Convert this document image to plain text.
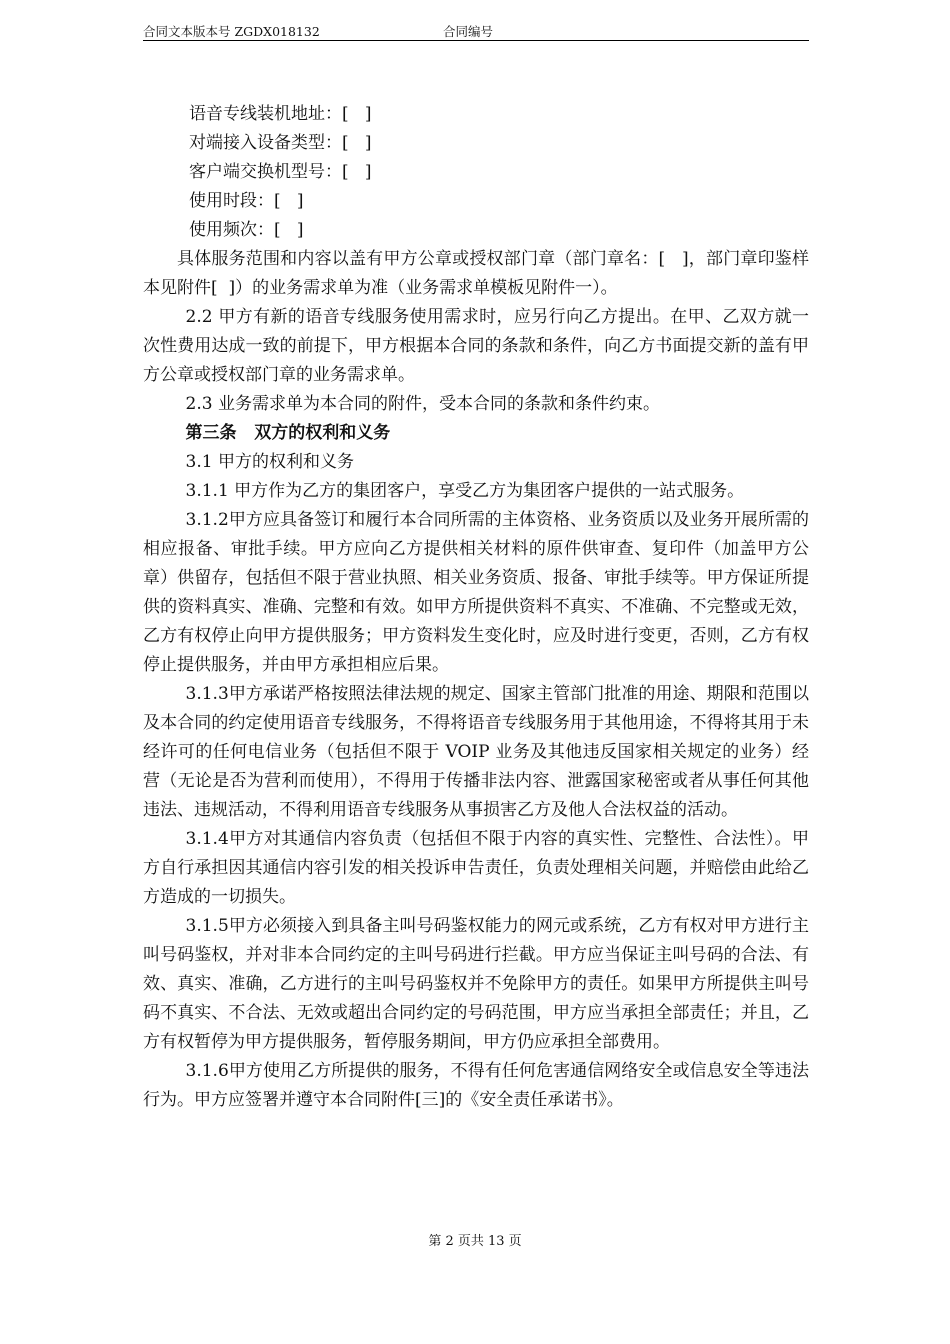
合同文本版本号 ZGDX018132	合同编号

语音专线装机地址：[   ]

对端接入设备类型：[   ]

客户端交换机型号：[   ]

使用时段：[   ]

使用频次：[   ]

具体服务范围和内容以盖有甲方公章或授权部门章（部门章名：[   ]，部门章印鉴样本见附件[  ]）的业务需求单为准（业务需求单模板见附件一）。

2.2 甲方有新的语音专线服务使用需求时，应另行向乙方提出。在甲、乙双方就一次性费用达成一致的前提下，甲方根据本合同的条款和条件，向乙方书面提交新的盖有甲方公章或授权部门章的业务需求单。

2.3 业务需求单为本合同的附件，受本合同的条款和条件约束。

第三条   双方的权利和义务

3.1 甲方的权利和义务

3.1.1 甲方作为乙方的集团客户，享受乙方为集团客户提供的一站式服务。

3.1.2甲方应具备签订和履行本合同所需的主体资格、业务资质以及业务开展所需的相应报备、审批手续。甲方应向乙方提供相关材料的原件供审查、复印件（加盖甲方公章）供留存，包括但不限于营业执照、相关业务资质、报备、审批手续等。甲方保证所提供的资料真实、准确、完整和有效。如甲方所提供资料不真实、不准确、不完整或无效，乙方有权停止向甲方提供服务；甲方资料发生变化时，应及时进行变更，否则，乙方有权停止提供服务，并由甲方承担相应后果。

3.1.3甲方承诺严格按照法律法规的规定、国家主管部门批准的用途、期限和范围以及本合同的约定使用语音专线服务，不得将语音专线服务用于其他用途，不得将其用于未经许可的任何电信业务（包括但不限于 VOIP 业务及其他违反国家相关规定的业务）经营（无论是否为营利而使用），不得用于传播非法内容、泄露国家秘密或者从事任何其他违法、违规活动，不得利用语音专线服务从事损害乙方及他人合法权益的活动。

3.1.4甲方对其通信内容负责（包括但不限于内容的真实性、完整性、合法性）。甲方自行承担因其通信内容引发的相关投诉申告责任，负责处理相关问题，并赔偿由此给乙方造成的一切损失。

3.1.5甲方必须接入到具备主叫号码鉴权能力的网元或系统，乙方有权对甲方进行主叫号码鉴权，并对非本合同约定的主叫号码进行拦截。甲方应当保证主叫号码的合法、有效、真实、准确，乙方进行的主叫号码鉴权并不免除甲方的责任。如果甲方所提供主叫号码不真实、不合法、无效或超出合同约定的号码范围，甲方应当承担全部责任；并且，乙方有权暂停为甲方提供服务，暂停服务期间，甲方仍应承担全部费用。

3.1.6甲方使用乙方所提供的服务，不得有任何危害通信网络安全或信息安全等违法行为。甲方应签署并遵守本合同附件[三]的《安全责任承诺书》。

第 2 页共 13 页
